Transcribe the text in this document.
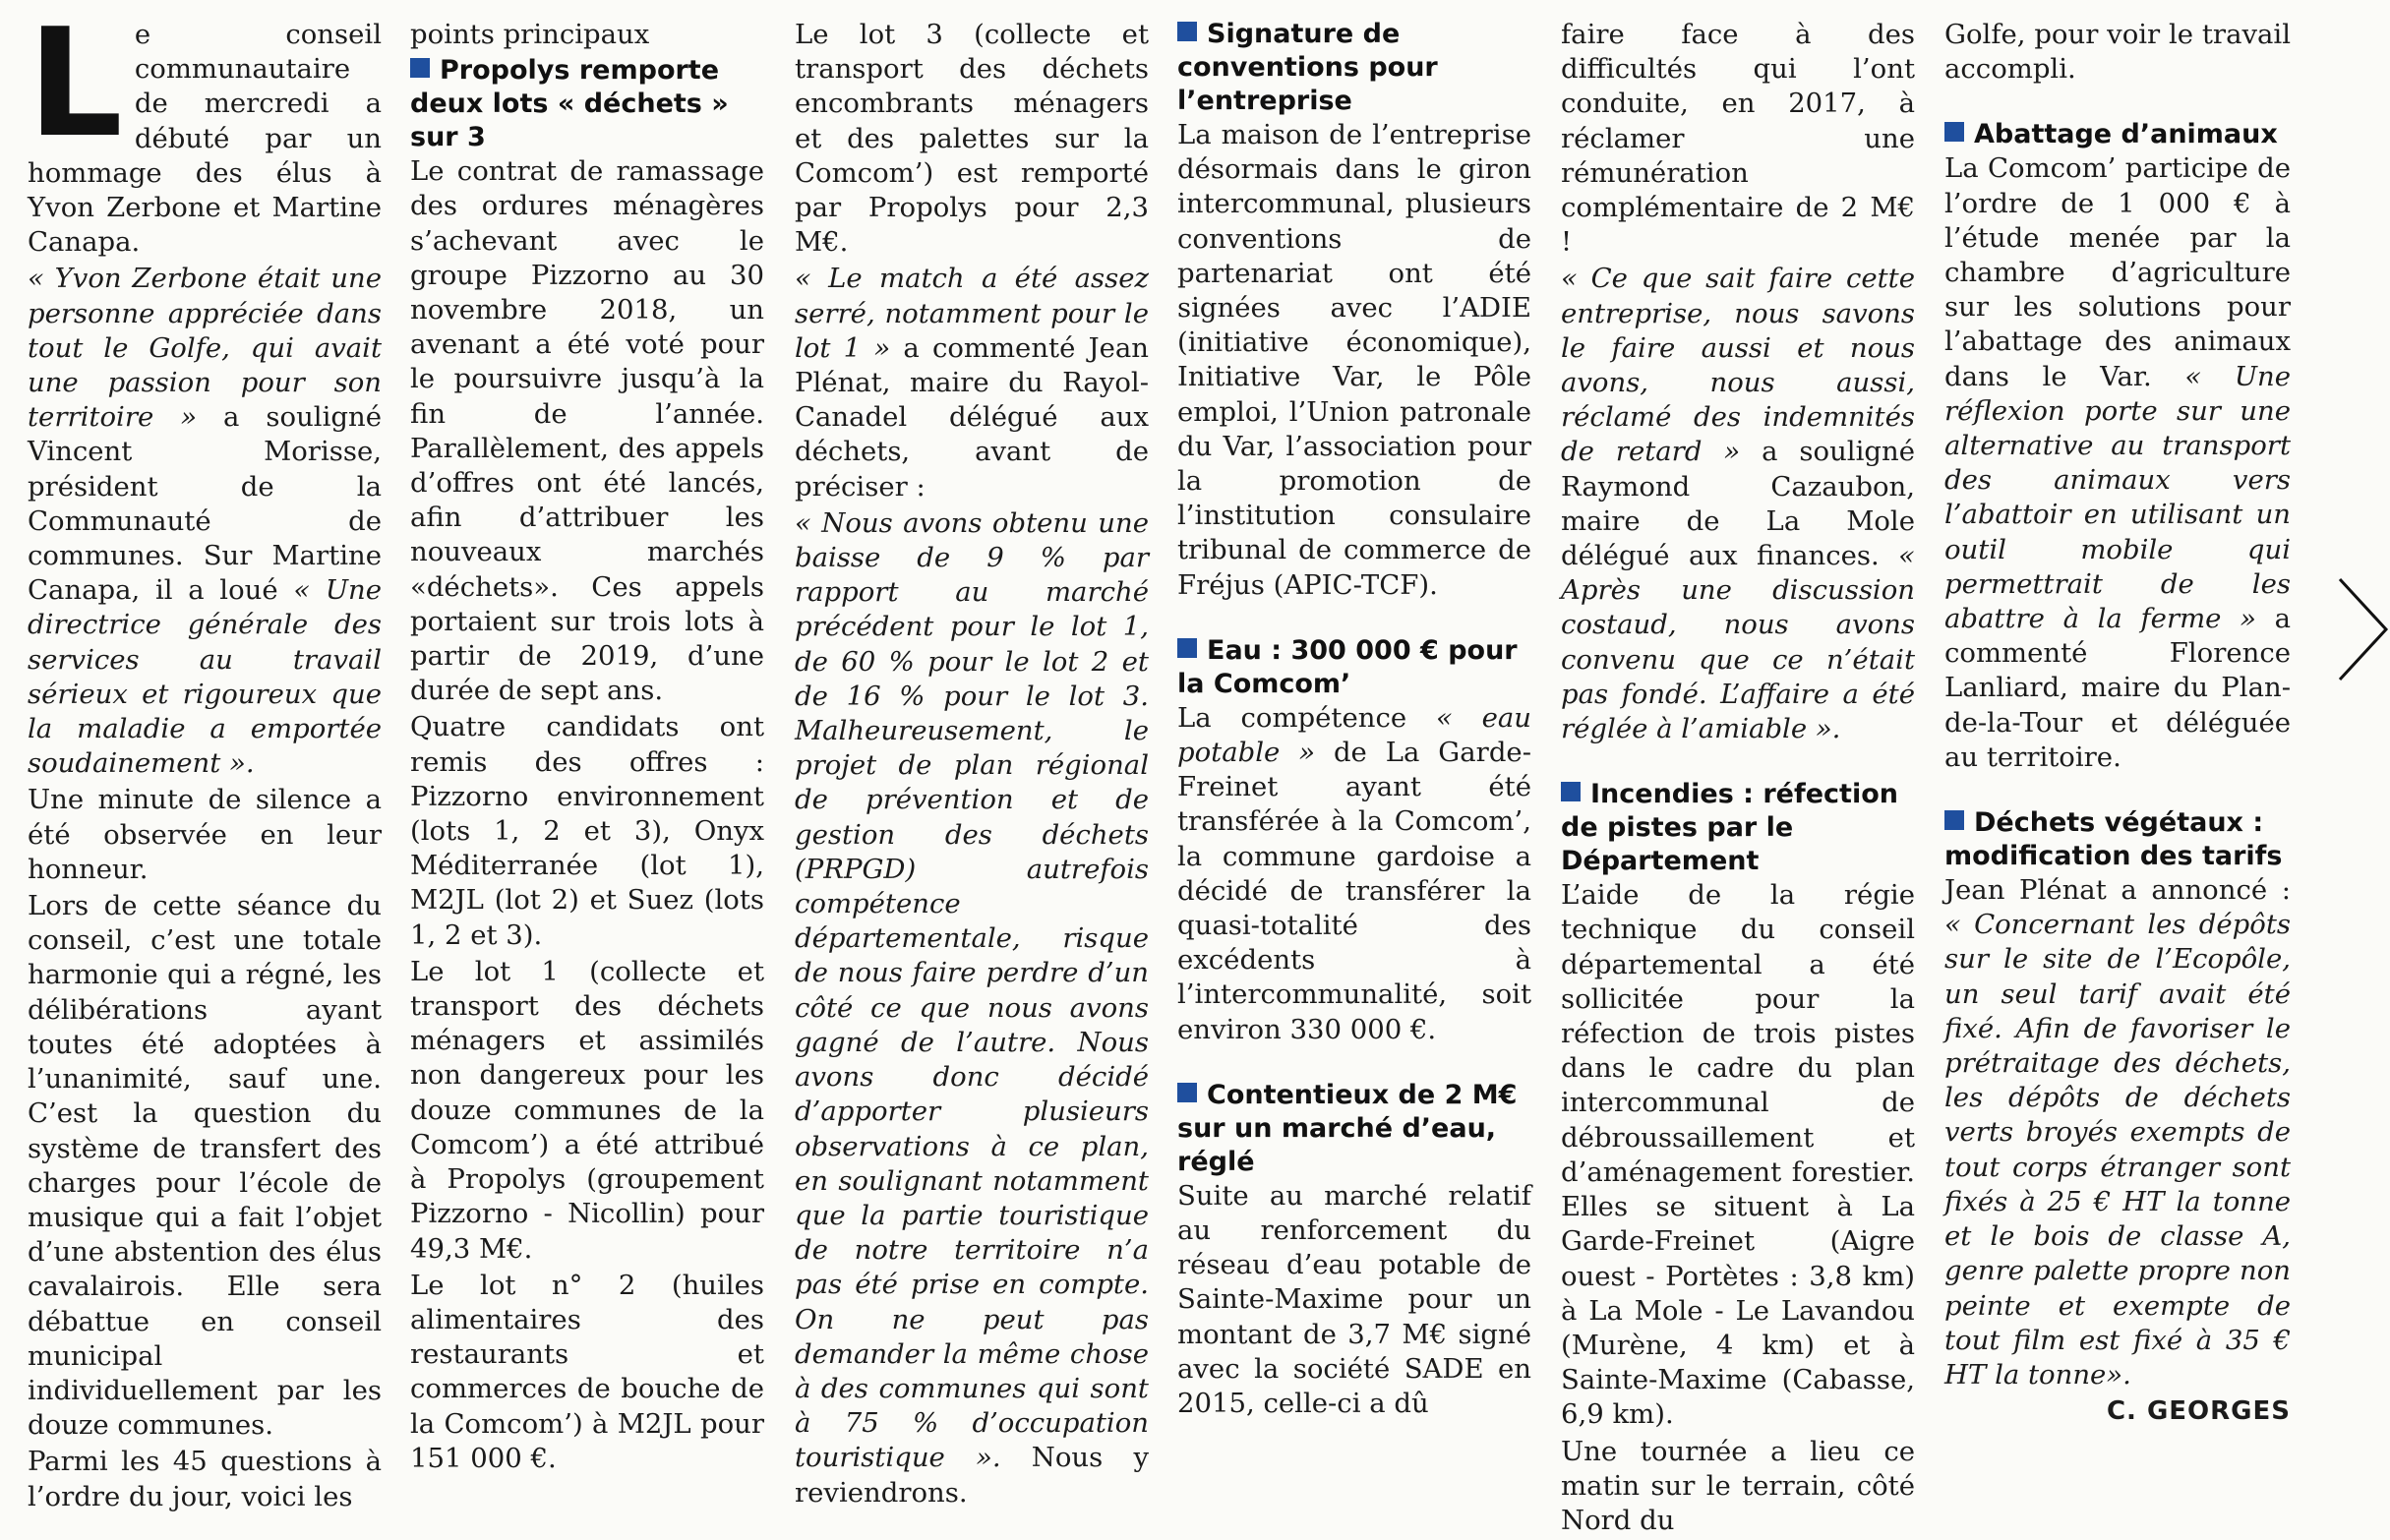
L e conseil communautaire de mercredi a débuté par un hommage des élus à Yvon Zerbone et Martine Canapa.

« Yvon Zerbone était une personne appréciée dans tout le Golfe, qui avait une passion pour son territoire » a souligné Vincent Morisse, président de la Communauté de communes. Sur Martine Canapa, il a loué « Une directrice générale des services au travail sérieux et rigoureux que la maladie a emportée soudainement ».

Une minute de silence a été observée en leur honneur.

Lors de cette séance du conseil, c’est une totale harmonie qui a régné, les délibérations ayant toutes été adoptées à l’unanimité, sauf une. C’est la question du système de transfert des charges pour l’école de musique qui a fait l’objet d’une abstention des élus cavalairois. Elle sera débattue en conseil municipal individuellement par les douze communes.

Parmi les 45 questions à l’ordre du jour, voici les

points principaux

Propolys remporte deux lots « déchets » sur 3

Le contrat de ramassage des ordures ménagères s’achevant avec le groupe Pizzorno au 30 novembre 2018, un avenant a été voté pour le poursuivre jusqu’à la fin de l’année. Parallèlement, des appels d’offres ont été lancés, afin d’attribuer les nouveaux marchés «déchets». Ces appels portaient sur trois lots à partir de 2019, d’une durée de sept ans.

Quatre candidats ont remis des offres : Pizzorno environnement (lots 1, 2 et 3), Onyx Méditerranée (lot 1), M2JL (lot 2) et Suez (lots 1, 2 et 3).

Le lot 1 (collecte et transport des déchets ménagers et assimilés non dangereux pour les douze communes de la Comcom’) a été attribué à Propolys (groupement Pizzorno - Nicollin) pour 49,3 M€.

Le lot n° 2 (huiles alimentaires des restaurants et commerces de bouche de la Comcom’) à M2JL pour 151 000 €.

Le lot 3 (collecte et transport des déchets encombrants ménagers et des palettes sur la Comcom’) est remporté par Propolys pour 2,3 M€.

« Le match a été assez serré, notamment pour le lot 1 » a commenté Jean Plénat, maire du Rayol-Canadel délégué aux déchets, avant de préciser :

« Nous avons obtenu une baisse de 9 % par rapport au marché précédent pour le lot 1, de 60 % pour le lot 2 et de 16 % pour le lot 3. Malheureusement, le projet de plan régional de prévention et de gestion des déchets (PRPGD) autrefois compétence départementale, risque de nous faire perdre d’un côté ce que nous avons gagné de l’autre. Nous avons donc décidé d’apporter plusieurs observations à ce plan, en soulignant notamment que la partie touristique de notre territoire n’a pas été prise en compte. On ne peut pas demander la même chose à des communes qui sont à 75 % d’occupation touristique ». Nous y reviendrons.

Signature de conventions pour l’entreprise

La maison de l’entreprise désormais dans le giron intercommunal, plusieurs conventions de partenariat ont été signées avec l’ADIE (initiative économique), Initiative Var, le Pôle emploi, l’Union patronale du Var, l’association pour la promotion de l’institution consulaire tribunal de commerce de Fréjus (APIC-TCF).

Eau : 300 000 € pour la Comcom’

La compétence « eau potable » de La Garde-Freinet ayant été transférée à la Comcom’, la commune gardoise a décidé de transférer la quasi-totalité des excédents à l’intercommunalité, soit environ 330 000 €.

Contentieux de 2 M€ sur un marché d’eau, réglé

Suite au marché relatif au renforcement du réseau d’eau potable de Sainte-Maxime pour un montant de 3,7 M€ signé avec la société SADE en 2015, celle-ci a dû

faire face à des difficultés qui l’ont conduite, en 2017, à réclamer une rémunération complémentaire de 2 M€ !

« Ce que sait faire cette entreprise, nous savons le faire aussi et nous avons, nous aussi, réclamé des indemnités de retard » a souligné Raymond Cazaubon, maire de La Mole délégué aux finances. « Après une discussion costaud, nous avons convenu que ce n’était pas fondé. L’affaire a été réglée à l’amiable ».

Incendies : réfection de pistes par le Département

L’aide de la régie technique du conseil départemental a été sollicitée pour la réfection de trois pistes dans le cadre du plan intercommunal de débroussaillement et d’aménagement forestier. Elles se situent à La Garde-Freinet (Aigre ouest - Portètes : 3,8 km) à La Mole - Le Lavandou (Murène, 4 km) et à Sainte-Maxime (Cabasse, 6,9 km).

Une tournée a lieu ce matin sur le terrain, côté Nord du

Golfe, pour voir le travail accompli.

Abattage d’animaux

La Comcom’ participe de l’ordre de 1 000 € à l’étude menée par la chambre d’agriculture sur les solutions pour l’abattage des animaux dans le Var. « Une réflexion porte sur une alternative au transport des animaux vers l’abattoir en utilisant un outil mobile qui permettrait de les abattre à la ferme » a commenté Florence Lanliard, maire du Plan-de-la-Tour et déléguée au territoire.

Déchets végétaux : modification des tarifs

Jean Plénat a annoncé : « Concernant les dépôts sur le site de l’Ecopôle, un seul tarif avait été fixé. Afin de favoriser le prétraitage des déchets, les dépôts de déchets verts broyés exempts de tout corps étranger sont fixés à 25 € HT la tonne et le bois de classe A, genre palette propre non peinte et exempte de tout film est fixé à 35 € HT la tonne».

C. GEORGES
